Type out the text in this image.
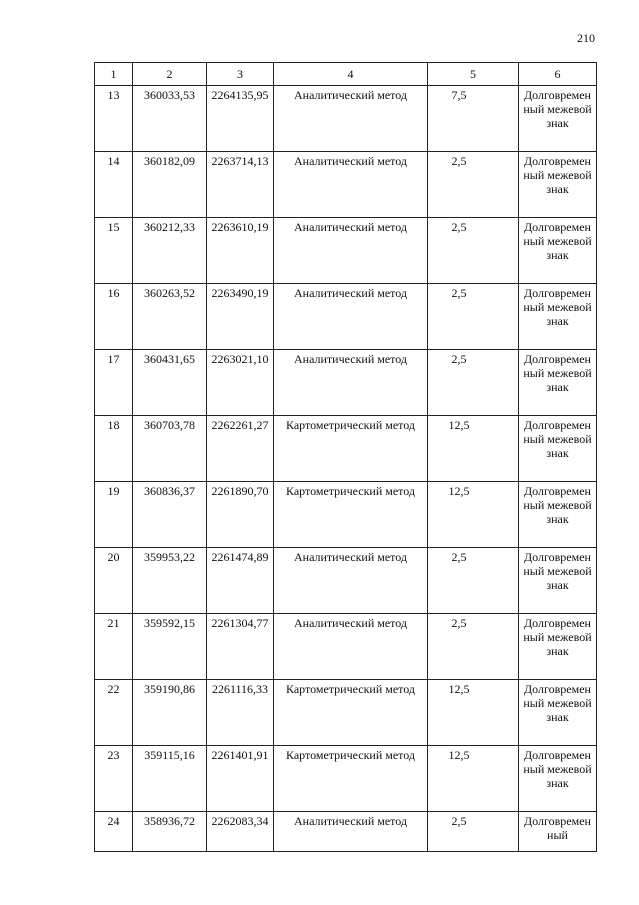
210
1	2	3	4	5	6
13	360033,53	2264135,95	Аналитический метод	7,5	Долговременный межевой знак
14	360182,09	2263714,13	Аналитический метод	2,5	Долговременный межевой знак
15	360212,33	2263610,19	Аналитический метод	2,5	Долговременный межевой знак
16	360263,52	2263490,19	Аналитический метод	2,5	Долговременный межевой знак
17	360431,65	2263021,10	Аналитический метод	2,5	Долговременный межевой знак
18	360703,78	2262261,27	Картометрический метод	12,5	Долговременный межевой знак
19	360836,37	2261890,70	Картометрический метод	12,5	Долговременный межевой знак
20	359953,22	2261474,89	Аналитический метод	2,5	Долговременный межевой знак
21	359592,15	2261304,77	Аналитический метод	2,5	Долговременный межевой знак
22	359190,86	2261116,33	Картометрический метод	12,5	Долговременный межевой знак
23	359115,16	2261401,91	Картометрический метод	12,5	Долговременный межевой знак
24	358936,72	2262083,34	Аналитический метод	2,5	Долговременный
